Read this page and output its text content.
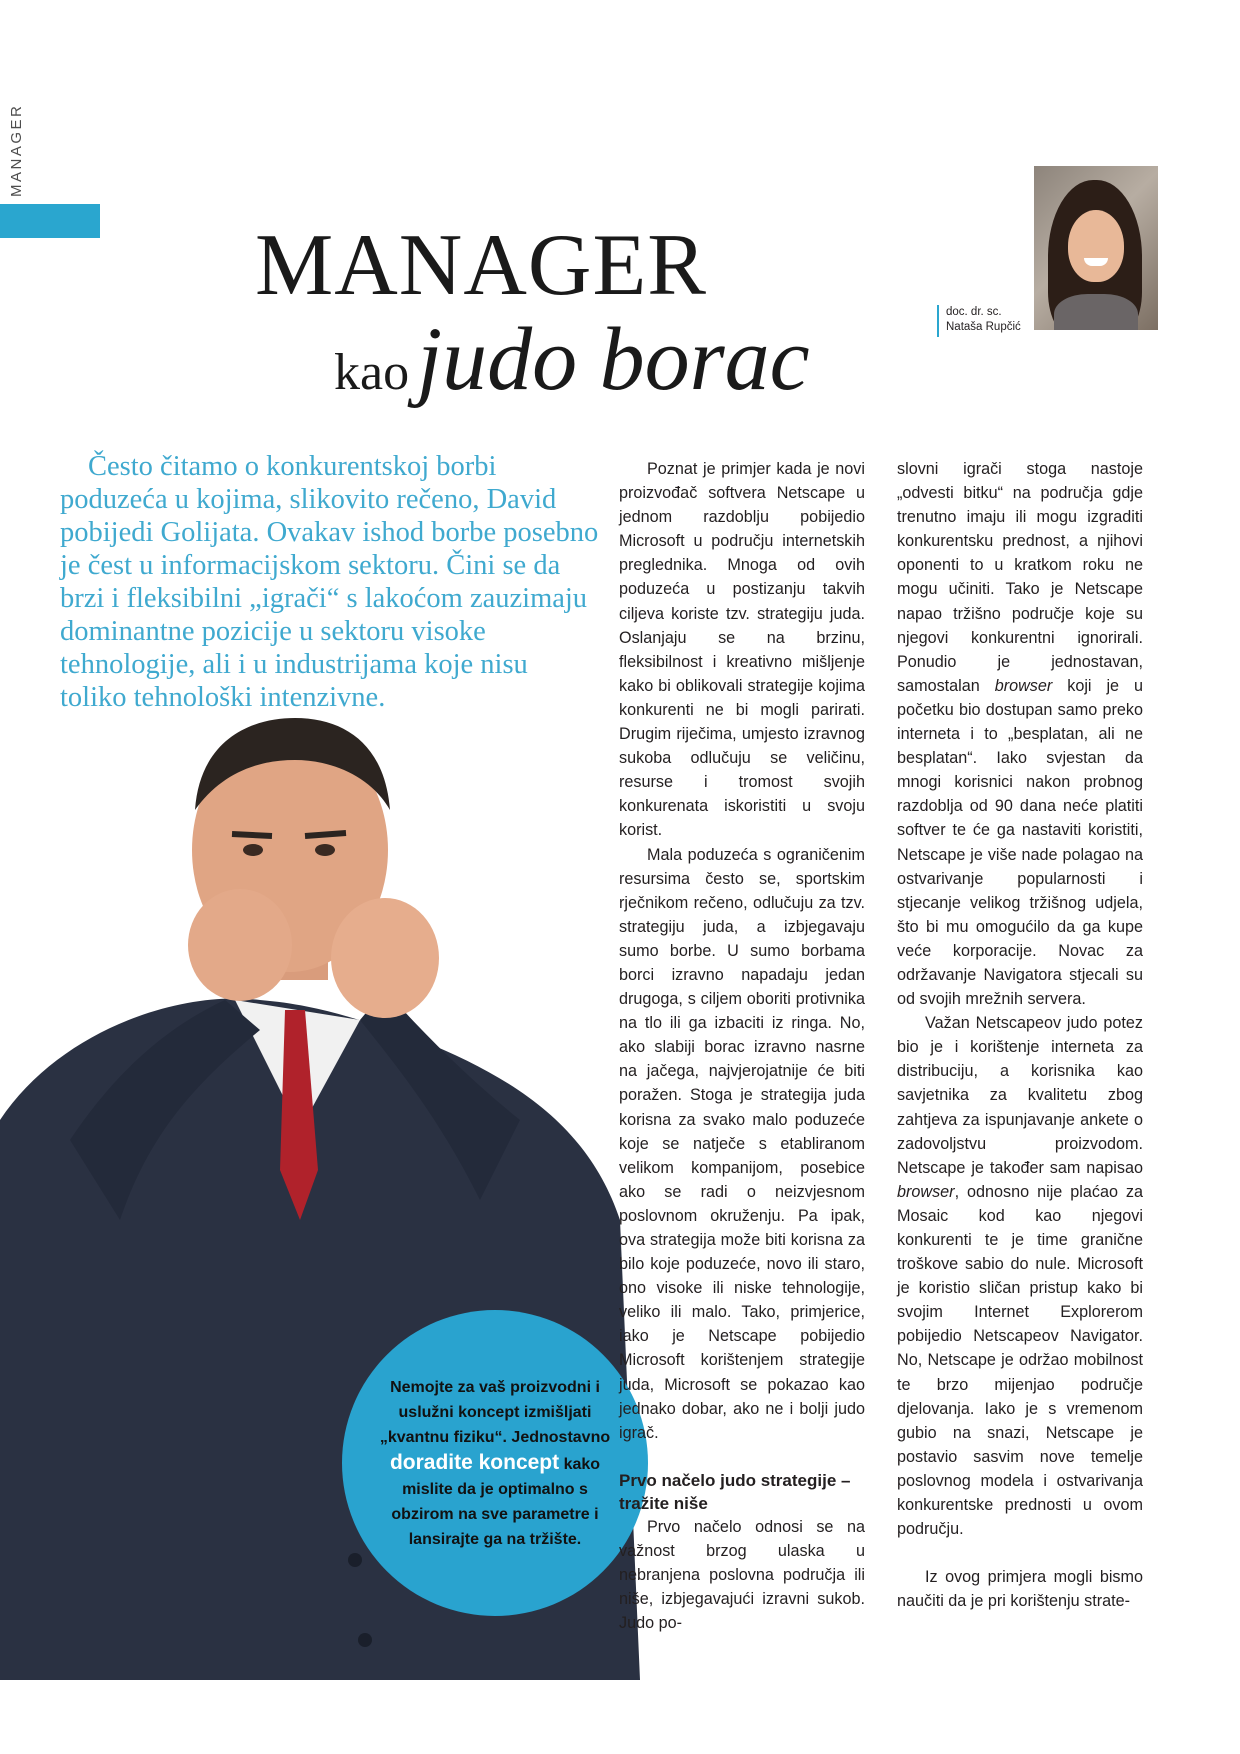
MANAGER
MANAGER
kaojudo borac	doc. dr. sc.
Nataša Rupčić

Često čitamo o konkurentskoj borbi poduzeća u kojima, slikovito rečeno, David pobijedi Golijata. Ovakav ishod borbe posebno je čest u informacijskom sektoru. Čini se da brzi i fleksibilni „igrači“ s lakoćom zauzimaju dominantne pozicije u sektoru visoke tehnologije, ali i u industrijama koje nisu toliko tehnološki intenzivne.

Nemojte za vaš proizvodni i uslužni koncept izmišljati „kvantnu fiziku“. Jednostavno doradite koncept kako mislite da je optimalno s obzirom na sve parametre i lansirajte ga na tržište.

Poznat je primjer kada je novi proizvođač softvera Netscape u jednom razdoblju pobijedio Microsoft u području internetskih preglednika. Mnoga od ovih poduzeća u postizanju takvih ciljeva koriste tzv. strategiju juda. Oslanjaju se na brzinu, fleksibilnost i kreativno mišljenje kako bi oblikovali strategije kojima konkurenti ne bi mogli parirati. Drugim riječima, umjesto izravnog sukoba odlučuju se veličinu, resurse i tromost svojih konkurenata iskoristiti u svoju korist.

Mala poduzeća s ograničenim resursima često se, sportskim rječnikom rečeno, odlučuju za tzv. strategiju juda, a izbjegavaju sumo borbe. U sumo borbama borci izravno napadaju jedan drugoga, s ciljem oboriti protivnika na tlo ili ga izbaciti iz ringa. No, ako slabiji borac izravno nasrne na jačega, najvjerojatnije će biti poražen. Stoga je strategija juda korisna za svako malo poduzeće koje se natječe s etabliranom velikom kompanijom, posebice ako se radi o neizvjesnom poslovnom okruženju. Pa ipak, ova strategija može biti korisna za bilo koje poduzeće, novo ili staro, ono visoke ili niske tehnologije, veliko ili malo. Tako, primjerice, iako je Netscape pobijedio Microsoft korištenjem strategije juda, Microsoft se pokazao kao jednako dobar, ako ne i bolji judo igrač.

Prvo načelo judo strategije – tražite niše

Prvo načelo odnosi se na važnost brzog ulaska u nebranjena poslovna područja ili niše, izbjegavajući izravni sukob. Judo po-

slovni igrači stoga nastoje „odvesti bitku“ na područja gdje trenutno imaju ili mogu izgraditi konkurentsku prednost, a njihovi oponenti to u kratkom roku ne mogu učiniti. Tako je Netscape napao tržišno područje koje su njegovi konkurentni ignorirali. Ponudio je jednostavan, samostalan browser koji je u početku bio dostupan samo preko interneta i to „besplatan, ali ne besplatan“. Iako svjestan da mnogi korisnici nakon probnog razdoblja od 90 dana neće platiti softver te će ga nastaviti koristiti, Netscape je više nade polagao na ostvarivanje popularnosti i stjecanje velikog tržišnog udjela, što bi mu omogućilo da ga kupe veće korporacije. Novac za održavanje Navigatora stjecali su od svojih mrežnih servera.

Važan Netscapeov judo potez bio je i korištenje interneta za distribuciju, a korisnika kao savjetnika za kvalitetu zbog zahtjeva za ispunjavanje ankete o zadovoljstvu proizvodom. Netscape je također sam napisao browser, odnosno nije plaćao za Mosaic kod kao njegovi konkurenti te je time granične troškove sabio do nule. Microsoft je koristio sličan pristup kako bi svojim Internet Explorerom pobijedio Netscapeov Navigator. No, Netscape je održao mobilnost te brzo mijenjao područje djelovanja. Iako je s vremenom gubio na snazi, Netscape je postavio sasvim nove temelje poslovnog modela i ostvarivanja konkurentske prednosti u ovom području.

Iz ovog primjera mogli bismo naučiti da je pri korištenju strate-
